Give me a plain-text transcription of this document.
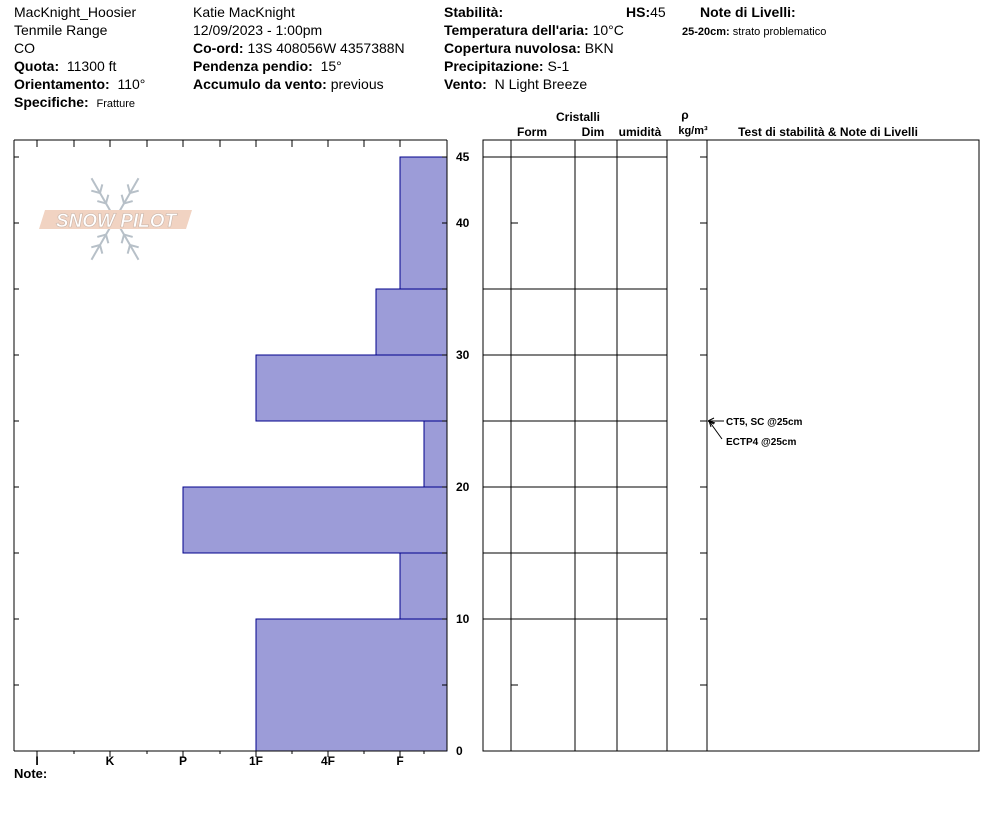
MacKnight_Hoosier
Tenmile Range
CO
Quota: 11300 ft
Orientamento: 110°
Specifiche: Fratture
Katie MacKnight
12/09/2023 - 1:00pm
Co-ord: 13S 408056W 4357388N
Pendenza pendio: 15°
Accumulo da vento: previous
Stabilità:	HS:45
Temperatura dell'aria: 10°C
Copertura nuvolosa: BKN
Precipitazione: S-1
Vento: N Light Breeze
Note di Livelli:
25-20cm: strato problematico
I	K	P	1F	4F	F
0
10
20
30
40
45
Cristalli
Form	Dim umidità
ρ
kg/m³	Test di stabilità & Note di Livelli
CT5, SC @25cm
ECTP4 @25cm
Note:
SNOW PILOT
